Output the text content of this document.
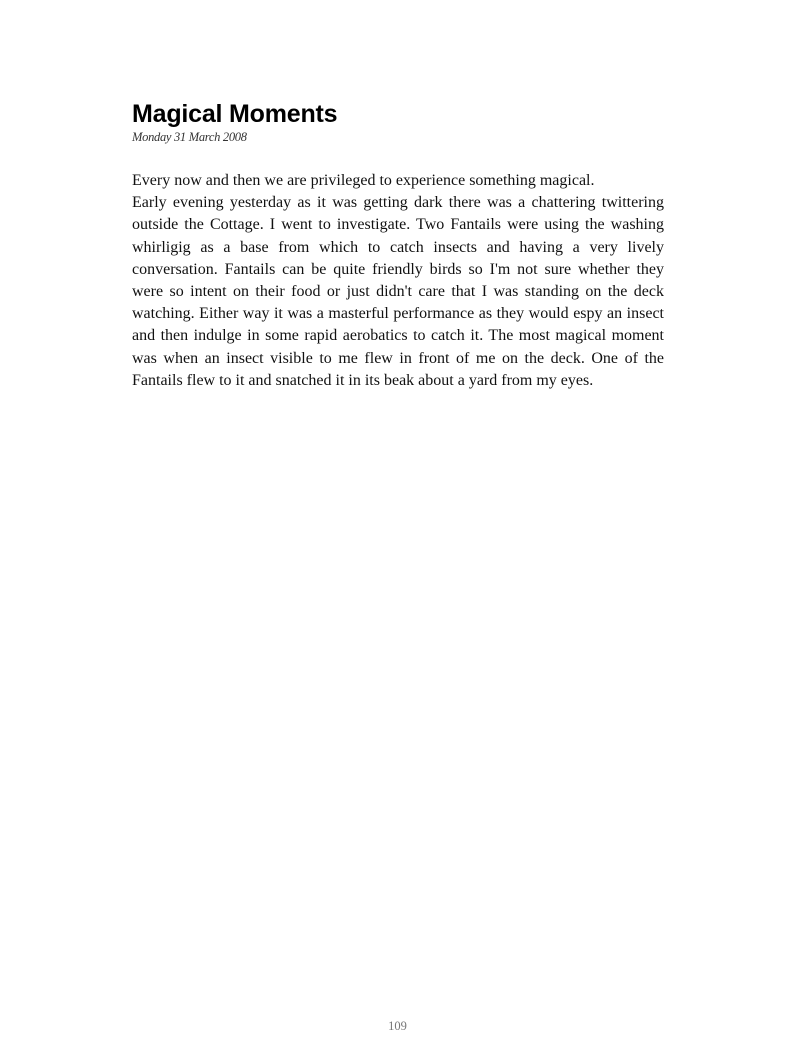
Magical Moments

Monday 31 March 2008

Every now and then we are privileged to experience something magical.

Early evening yesterday as it was getting dark there was a chattering twittering outside the Cottage. I went to investigate. Two Fantails were using the washing whirligig as a base from which to catch insects and having a very lively conversation. Fantails can be quite friendly birds so I'm not sure whether they were so intent on their food or just didn't care that I was standing on the deck watching. Either way it was a masterful performance as they would espy an insect and then indulge in some rapid aerobatics to catch it. The most magical moment was when an insect visible to me flew in front of me on the deck. One of the Fantails flew to it and snatched it in its beak about a yard from my eyes.

109
